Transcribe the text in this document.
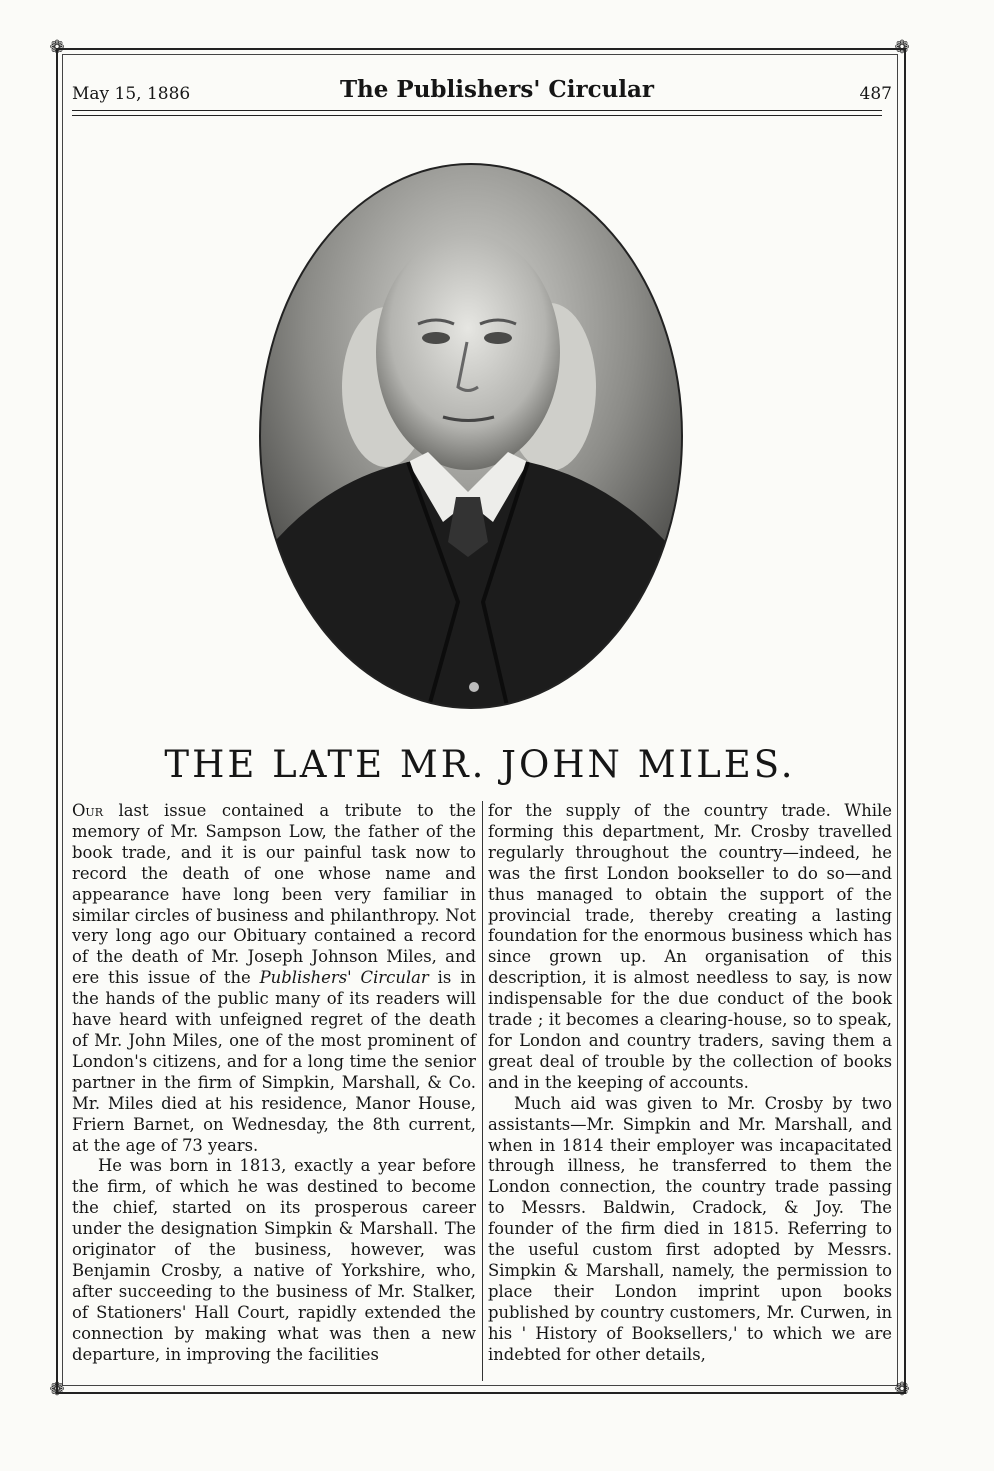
❁	❁
❁	❁
May 15, 1886	The Publishers' Circular	487
THE LATE MR. JOHN MILES.

Our last issue contained a tribute to the memory of Mr. Sampson Low, the father of the book trade, and it is our painful task now to record the death of one whose name and appearance have long been very familiar in similar circles of business and philanthropy. Not very long ago our Obituary contained a record of the death of Mr. Joseph Johnson Miles, and ere this issue of the Publishers' Circular is in the hands of the public many of its readers will have heard with unfeigned regret of the death of Mr. John Miles, one of the most prominent of London's citizens, and for a long time the senior partner in the firm of Simpkin, Marshall, & Co. Mr. Miles died at his residence, Manor House, Friern Barnet, on Wednesday, the 8th current, at the age of 73 years.

He was born in 1813, exactly a year before the firm, of which he was destined to become the chief, started on its prosperous career under the designation Simpkin & Marshall. The originator of the business, however, was Benjamin Crosby, a native of Yorkshire, who, after succeeding to the business of Mr. Stalker, of Stationers' Hall Court, rapidly extended the connection by making what was then a new departure, in improving the facilities

for the supply of the country trade. While forming this department, Mr. Crosby travelled regularly throughout the country—indeed, he was the first London bookseller to do so—and thus managed to obtain the support of the provincial trade, thereby creating a lasting foundation for the enormous business which has since grown up. An organisation of this description, it is almost needless to say, is now indispensable for the due conduct of the book trade ; it becomes a clearing-house, so to speak, for London and country traders, saving them a great deal of trouble by the collection of books and in the keeping of accounts.

Much aid was given to Mr. Crosby by two assistants—Mr. Simpkin and Mr. Marshall, and when in 1814 their employer was incapacitated through illness, he transferred to them the London connection, the country trade passing to Messrs. Baldwin, Cradock, & Joy. The founder of the firm died in 1815. Referring to the useful custom first adopted by Messrs. Simpkin & Marshall, namely, the permission to place their London imprint upon books published by country customers, Mr. Curwen, in his ' History of Booksellers,' to which we are indebted for other details,
